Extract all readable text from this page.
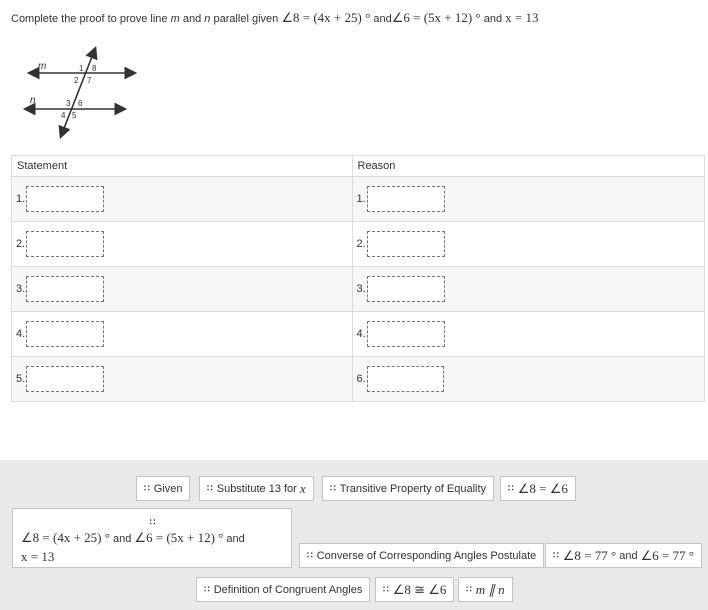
Complete the proof to prove line m and n parallel given ∠8 = (4x + 25) ° and∠6 = (5x + 12) ° and x = 13
m
n
1 8
2 7
3 6
4 5
Statement	Reason
1.	1.
2.	2.
3.	3.
4.	4.
5.	6.
∷ Given	∷ Substitute 13 for
x	∷ Transitive Property of Equality ∷ ∠8 = ∠6
∷
∠8 = (4x + 25) ° and ∠6 = (5x + 12) ° and
x = 13	∷ Converse of Corresponding Angles Postulate ∷ ∠8 = 77 °
and
∠6 = 77 °
∷ Definition of Congruent Angles ∷ ∠8 ≅ ∠6 ∷ m ∥ n
